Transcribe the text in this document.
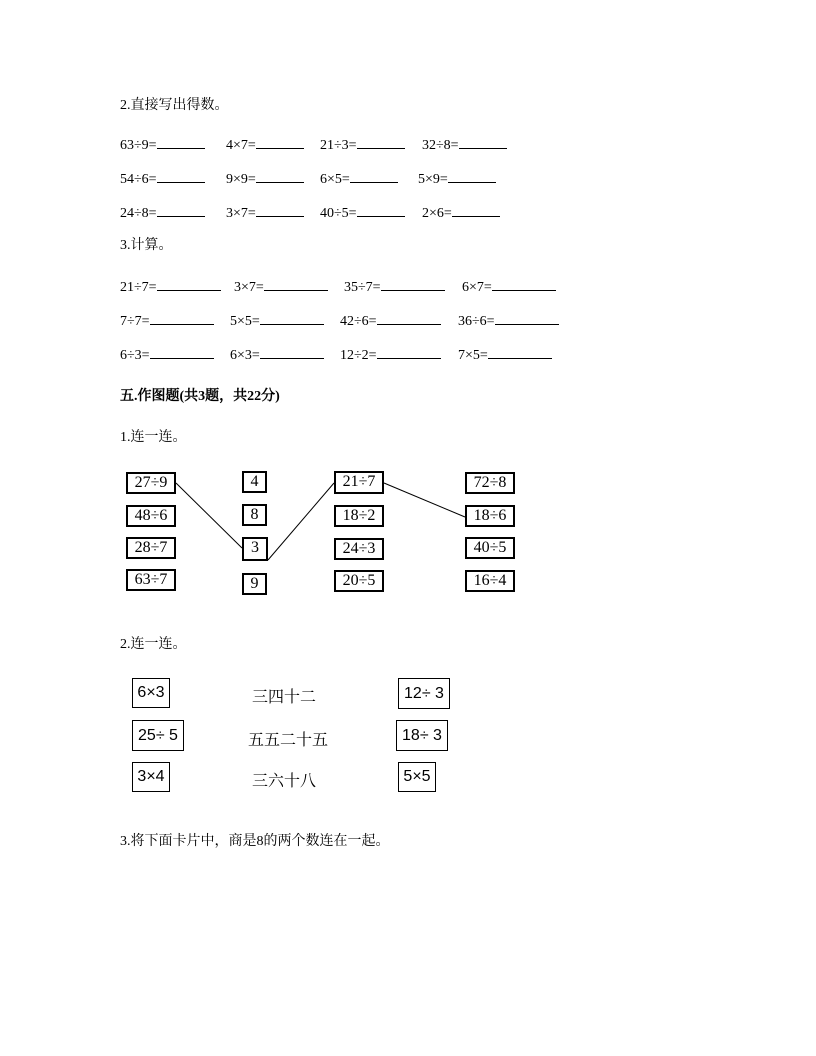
2.直接写出得数。
63÷9=	4×7=	21÷3=	32÷8=
54÷6=	9×9=	6×5=	5×9=
24÷8=	3×7=	40÷5=	2×6=
3.计算。
21÷7=	3×7=	35÷7=	6×7=
7÷7=	5×5=	42÷6=	36÷6=
6÷3=	6×3=	12÷2=	7×5=
五.作图题(共3题，共22分)
1.连一连。
27÷9
48÷6
28÷7
63÷7
4
8
3
9
21÷7
18÷2
24÷3
20÷5
72÷8
18÷6
40÷5
16÷4
2.连一连。
6×3
25÷ 5
3×4
三四十二
五五二十五
三六十八
12÷ 3
18÷ 3
5×5
3.将下面卡片中，商是8的两个数连在一起。
